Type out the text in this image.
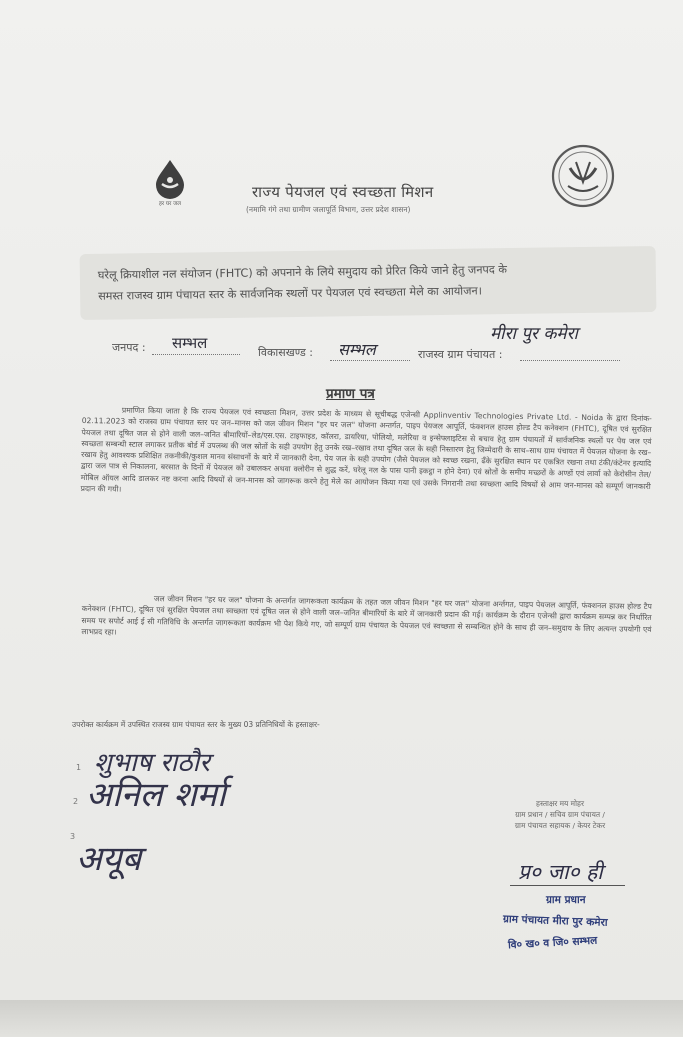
हर घर जल
राज्य पेयजल एवं स्वच्छता मिशन
(नमामि गंगे तथा ग्रामीण जलापूर्ति विभाग, उत्तर प्रदेश शासन)
घरेलू क्रियाशील नल संयोजन (FHTC) को अपनाने के लिये समुदाय को प्रेरित किये जाने हेतु जनपद के
समस्त राजस्व ग्राम पंचायत स्तर के सार्वजनिक स्थलों पर पेयजल एवं स्वच्छता मेले का आयोजन।
जनपद : सम्भल
विकासखण्ड : सम्भल	राजस्व ग्राम पंचायत :
मीरा पुर कमेरा
प्रमाण पत्र

प्रमाणित किया जाता है कि राज्य पेयजल एवं स्वच्छता मिशन, उत्तर प्रदेश के माध्यम से सूचीबद्ध एजेन्सी Applinventiv Technologies Private Ltd. - Noida के द्वारा दिनांक- 02.11.2023 को राजस्व ग्राम पंचायत स्तर पर जन–मानस को जल जीवन मिशन "हर घर जल" योजना अन्तर्गत, पाइप पेयजल आपूर्ति, फंक्शनल हाउस होल्ड टैप कनेक्शन (FHTC), दूषित एवं सुरक्षित पेयजल तथा दूषित जल से होने वाली जल–जनित बीमारियों–लेड/एस.एस. टाइफाइड, कॉलरा, डायरिया, पोलियो, मलेरिया व इन्सेफ्लाइटिस से बचाव हेतु ग्राम पंचायतों में सार्वजनिक स्थलों पर पेय जल एवं स्वच्छता सम्बन्धी स्टाल लगाकर प्रतीक बोर्ड में उपलब्ध की जल स्रोतों के सही उपयोग हेतु उनके रख–रखाव तथा दूषित जल के सही निस्तारण हेतु जिम्मेदारी के साथ–साथ ग्राम पंचायत में पेयजल योजना के रख–रखाव हेतु आवश्यक प्रशिक्षित तकनीकी/कुशल मानव संसाधनों के बारे में जानकारी देना, पेय जल के सही उपयोग (जैसे पेयजल को स्वच्छ रखना, ढँके सुरक्षित स्थान पर एकत्रित रखना तथा टंकी/कंटेनर इत्यादि द्वारा जल पात्र से निकालना, बरसात के दिनों में पेयजल को उबालकर अथवा क्लोरीन से शुद्ध करें, घरेलू नल के पास पानी इकट्ठा न होने देना) एवं स्रोतों के समीप मच्छरों के अण्डों एवं लार्वा को केरोसीन तेल/मोबिल ऑयल आदि डालकर नष्ट करना आदि विषयों से जन-मानस को जागरूक करने हेतु मेले का आयोजन किया गया एवं उसके निगरानी तथा स्वच्छता आदि विषयों से आम जन-मानस को सम्पूर्ण जानकारी प्रदान की गयी।

जल जीवन मिशन "हर घर जल" योजना के अन्तर्गत जागरूकता कार्यक्रम के तहत जल जीवन मिशन "हर घर जल" योजना अर्न्तगत, पाइप पेयजल आपूर्ति, फंक्शनल हाउस होल्ड टैप कनेक्शन (FHTC), दूषित एवं सुरक्षित पेयजल तथा स्वच्छता एवं दूषित जल से होने वाली जल–जनित बीमारियों के बारे में जानकारी प्रदान की गई। कार्यक्रम के दौरान एजेन्सी द्वारा कार्यक्रम सम्पन्न कर निर्धारित समय पर सपोर्ट आई ई सी गतिविधि के अन्तर्गत जागरूकता कार्यक्रम भी पेश किये गए, जो सम्पूर्ण ग्राम पंचायत के पेयजल एवं स्वच्छता से सम्बन्धित होने के साथ ही जन–समुदाय के लिए अत्यन्त उपयोगी एवं लाभप्रद रहा।

उपरोक्त कार्यक्रम में उपस्थित राजस्व ग्राम पंचायत स्तर के मुख्य 03 प्रतिनिधियों के हस्ताक्षर-
1 शुभाष राठौर
2 अनिल शर्मा
3
अयूब
हस्ताक्षर मय मोहर
ग्राम प्रधान / सचिव ग्राम पंचायत /
ग्राम पंचायत सहायक / केयर टेकर
प्र० जा० ही
ग्राम प्रधान
ग्राम पंचायत मीरा पुर कमेरा
वि० ख० व जि० सम्भल
